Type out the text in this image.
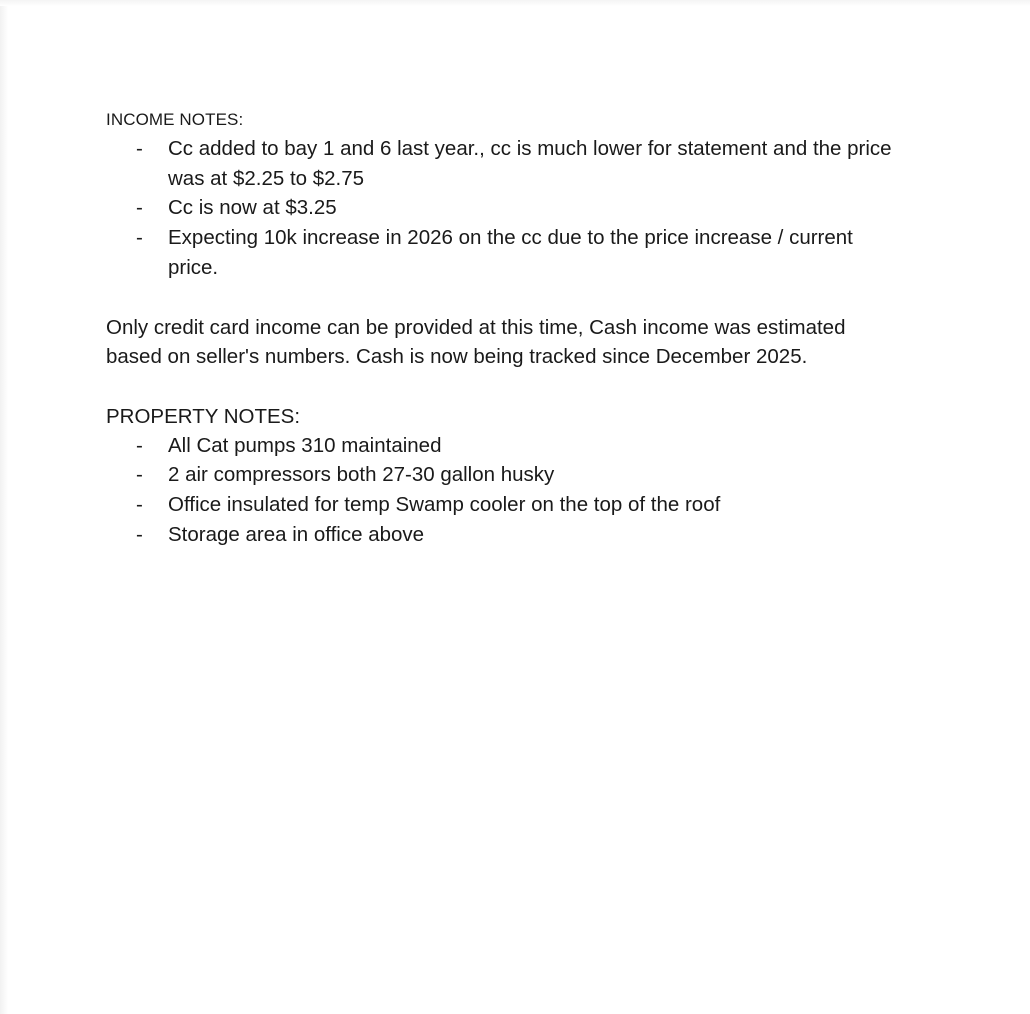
INCOME NOTES:
- Cc added to bay 1 and 6 last year., cc is much lower for statement and the price was at $2.25 to $2.75
- Cc is now at $3.25
- Expecting 10k increase in 2026 on the cc due to the price increase / current price.

Only credit card income can be provided at this time, Cash income was estimated based on seller's numbers. Cash is now being tracked since December 2025.

PROPERTY NOTES:
- All Cat pumps 310 maintained
- 2 air compressors both 27-30 gallon husky
- Office insulated for temp Swamp cooler on the top of the roof
- Storage area in office above
